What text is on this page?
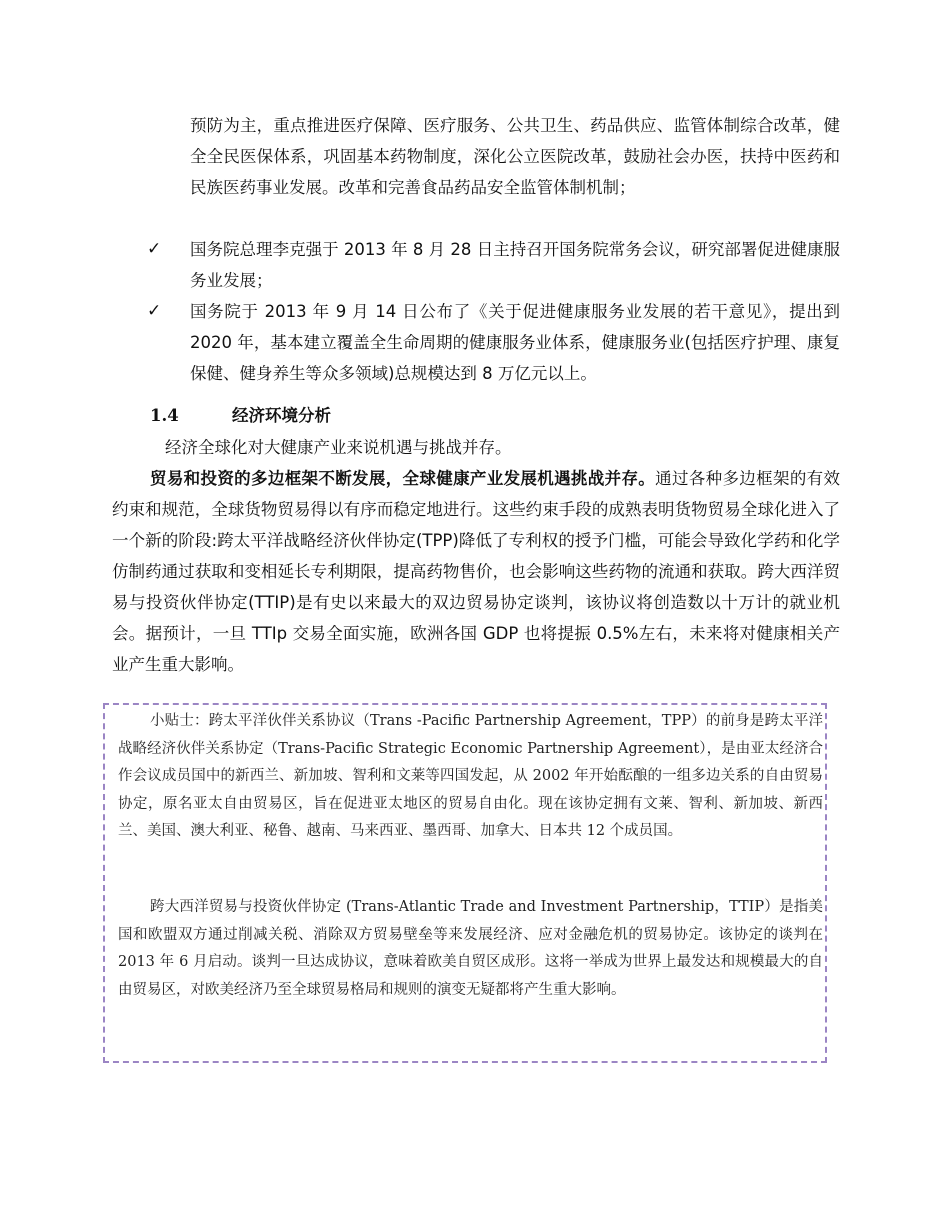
预防为主，重点推进医疗保障、医疗服务、公共卫生、药品供应、监管体制综合改革，健全全民医保体系，巩固基本药物制度，深化公立医院改革，鼓励社会办医，扶持中医药和民族医药事业发展。改革和完善食品药品安全监管体制机制；
✓	国务院总理李克强于 2013 年 8 月 28 日主持召开国务院常务会议，研究部署促进健康服务业发展；
✓	国务院于 2013 年 9 月 14 日公布了《关于促进健康服务业发展的若干意见》，提出到 2020 年，基本建立覆盖全生命周期的健康服务业体系，健康服务业(包括医疗护理、康复保健、健身养生等众多领域)总规模达到 8 万亿元以上。
1.4	经济环境分析
经济全球化对大健康产业来说机遇与挑战并存。
贸易和投资的多边框架不断发展，全球健康产业发展机遇挑战并存。通过各种多边框架的有效约束和规范，全球货物贸易得以有序而稳定地进行。这些约束手段的成熟表明货物贸易全球化进入了一个新的阶段:跨太平洋战略经济伙伴协定(TPP)降低了专利权的授予门槛，可能会导致化学药和化学仿制药通过获取和变相延长专利期限，提高药物售价，也会影响这些药物的流通和获取。跨大西洋贸易与投资伙伴协定(TTIP)是有史以来最大的双边贸易协定谈判，该协议将创造数以十万计的就业机会。据预计，一旦 TTIp 交易全面实施，欧洲各国 GDP 也将提振 0.5%左右，未来将对健康相关产业产生重大影响。
小贴士：跨太平洋伙伴关系协议（Trans -Pacific Partnership Agreement，TPP）的前身是跨太平洋战略经济伙伴关系协定（Trans-Pacific Strategic Economic Partnership Agreement），是由亚太经济合作会议成员国中的新西兰、新加坡、智利和文莱等四国发起，从 2002 年开始酝酿的一组多边关系的自由贸易协定，原名亚太自由贸易区，旨在促进亚太地区的贸易自由化。现在该协定拥有文莱、智利、新加坡、新西兰、美国、澳大利亚、秘鲁、越南、马来西亚、墨西哥、加拿大、日本共 12 个成员国。
跨大西洋贸易与投资伙伴协定 (Trans-Atlantic Trade and Investment Partnership，TTIP）是指美国和欧盟双方通过削减关税、消除双方贸易壁垒等来发展经济、应对金融危机的贸易协定。该协定的谈判在 2013 年 6 月启动。谈判一旦达成协议，意味着欧美自贸区成形。这将一举成为世界上最发达和规模最大的自由贸易区，对欧美经济乃至全球贸易格局和规则的演变无疑都将产生重大影响。
